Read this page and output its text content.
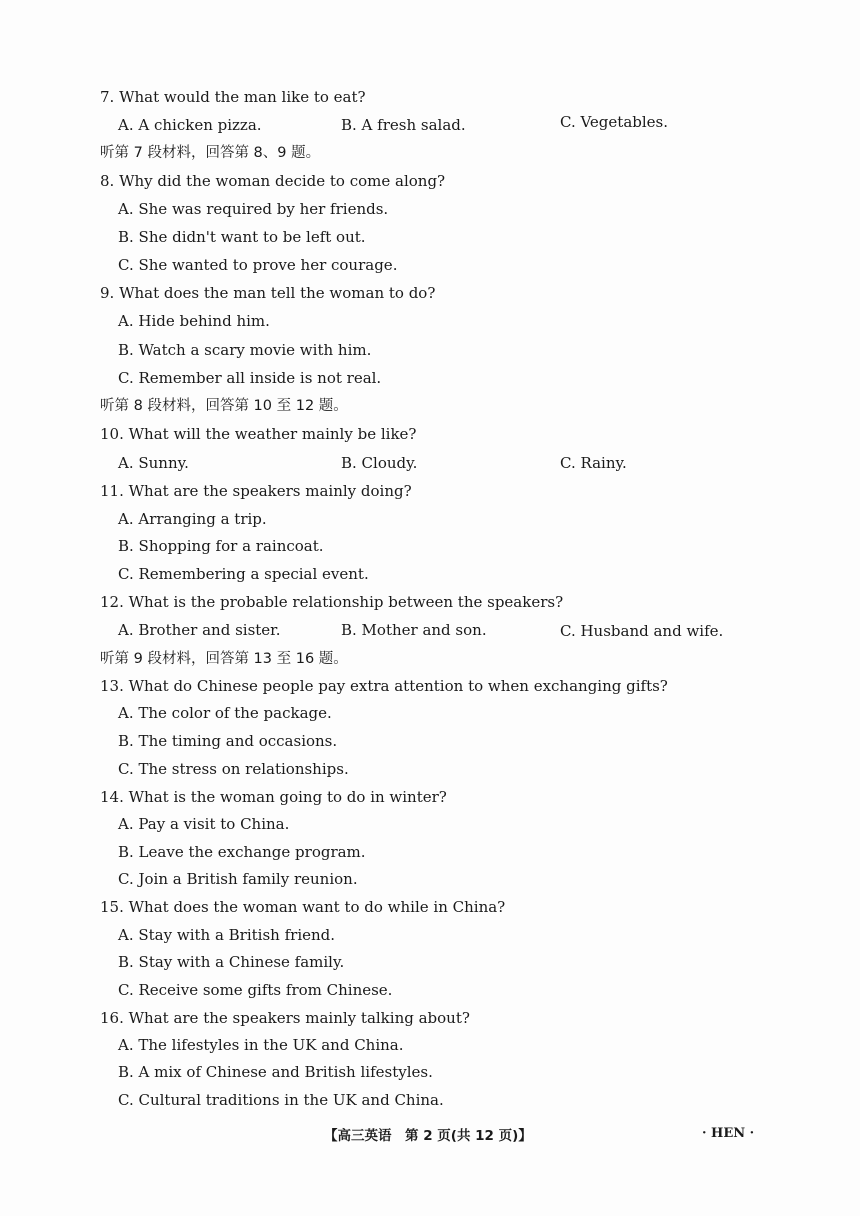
7. What would the man like to eat?
A. A chicken pizza.	B. A fresh salad.	C. Vegetables.
听第 7 段材料，回答第 8、9 题。
8. Why did the woman decide to come along?
A. She was required by her friends.
B. She didn't want to be left out.
C. She wanted to prove her courage.
9. What does the man tell the woman to do?
A. Hide behind him.
B. Watch a scary movie with him.
C. Remember all inside is not real.
听第 8 段材料，回答第 10 至 12 题。
10. What will the weather mainly be like?
A. Sunny.	B. Cloudy.	C. Rainy.
11. What are the speakers mainly doing?
A. Arranging a trip.
B. Shopping for a raincoat.
C. Remembering a special event.
12. What is the probable relationship between the speakers?
A. Brother and sister.	B. Mother and son.	C. Husband and wife.
听第 9 段材料，回答第 13 至 16 题。
13. What do Chinese people pay extra attention to when exchanging gifts?
A. The color of the package.
B. The timing and occasions.
C. The stress on relationships.
14. What is the woman going to do in winter?
A. Pay a visit to China.
B. Leave the exchange program.
C. Join a British family reunion.
15. What does the woman want to do while in China?
A. Stay with a British friend.
B. Stay with a Chinese family.
C. Receive some gifts from Chinese.
16. What are the speakers mainly talking about?
A. The lifestyles in the UK and China.
B. A mix of Chinese and British lifestyles.
C. Cultural traditions in the UK and China.
【高三英语　第 2 页(共 12 页)】	· HEN ·
